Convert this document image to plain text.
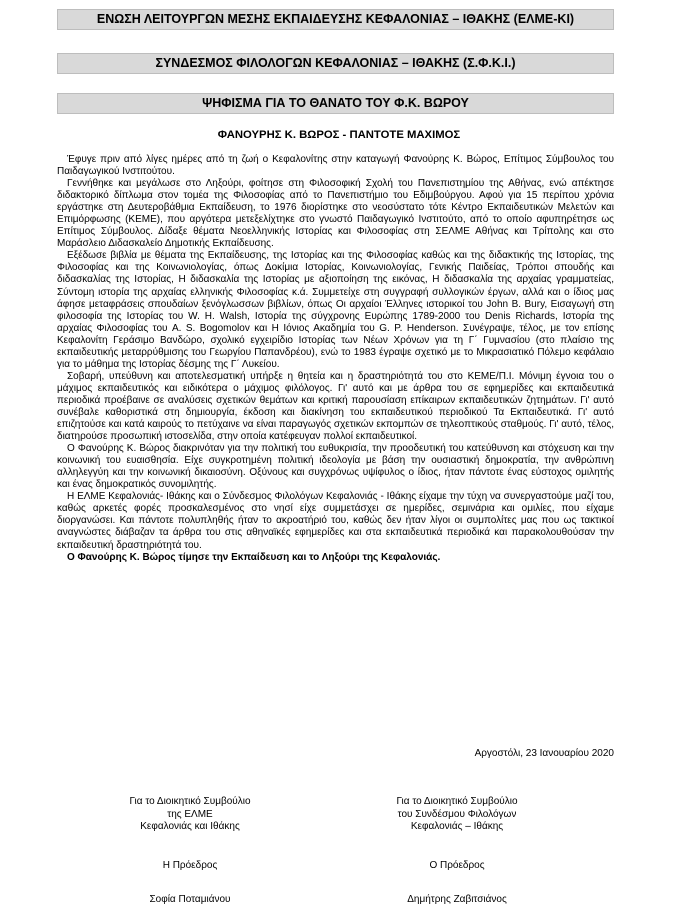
ΕΝΩΣΗ ΛΕΙΤΟΥΡΓΩΝ ΜΕΣΗΣ ΕΚΠΑΙΔΕΥΣΗΣ ΚΕΦΑΛΟΝΙΑΣ – ΙΘΑΚΗΣ (ΕΛΜΕ-ΚΙ)
ΣΥΝΔΕΣΜΟΣ ΦΙΛΟΛΟΓΩΝ ΚΕΦΑΛΟΝΙΑΣ – ΙΘΑΚΗΣ (Σ.Φ.Κ.Ι.)
ΨΗΦΙΣΜΑ ΓΙΑ ΤΟ ΘΑΝΑΤΟ ΤΟΥ Φ.Κ. ΒΩΡΟΥ
ΦΑΝΟΥΡΗΣ Κ. ΒΩΡΟΣ - ΠΑΝΤΟΤΕ ΜΑΧΙΜΟΣ

Έφυγε πριν από λίγες ημέρες από τη ζωή ο Κεφαλονίτης στην καταγωγή Φανούρης Κ. Βώρος, Επίτιμος Σύμβουλος του Παιδαγωγικού Ινστιτούτου.

Γεννήθηκε και μεγάλωσε στο Ληξούρι, φοίτησε στη Φιλοσοφική Σχολή του Πανεπιστημίου της Αθήνας, ενώ απέκτησε διδακτορικό δίπλωμα στον τομέα της Φιλοσοφίας από το Πανεπιστήμιο του Εδιμβούργου. Αφού για 15 περίπου χρόνια εργάστηκε στη Δευτεροβάθμια Εκπαίδευση, το 1976 διορίστηκε στο νεοσύστατο τότε Κέντρο Εκπαιδευτικών Μελετών και Επιμόρφωσης (ΚΕΜΕ), που αργότερα μετεξελίχτηκε στο γνωστό Παιδαγωγικό Ινστιτούτο, από το οποίο αφυπηρέτησε ως Επίτιμος Σύμβουλος. Δίδαξε θέματα Νεοελληνικής Ιστορίας και Φιλοσοφίας στη ΣΕΛΜΕ Αθήνας και Τρίπολης και στο Μαράσλειο Διδασκαλείο Δημοτικής Εκπαίδευσης.

Εξέδωσε βιβλία με θέματα της Εκπαίδευσης, της Ιστορίας και της Φιλοσοφίας καθώς και της διδακτικής της Ιστορίας, της Φιλοσοφίας και της Κοινωνιολογίας, όπως Δοκίμια Ιστορίας, Κοινωνιολογίας, Γενικής Παιδείας, Τρόποι σπουδής και διδασκαλίας της Ιστορίας, Η διδασκαλία της Ιστορίας με αξιοποίηση της εικόνας, Η διδασκαλία της αρχαίας γραμματείας, Σύντομη ιστορία της αρχαίας ελληνικής Φιλοσοφίας κ.ά. Συμμετείχε στη συγγραφή συλλογικών έργων, αλλά και ο ίδιος μας άφησε μεταφράσεις σπουδαίων ξενόγλωσσων βιβλίων, όπως Οι αρχαίοι Έλληνες ιστορικοί του John B. Bury, Εισαγωγή στη φιλοσοφία της Ιστορίας του W. H. Walsh, Ιστορία της σύγχρονης Ευρώπης 1789-2000 του Denis Richards, Ιστορία της αρχαίας Φιλοσοφίας του A. S. Bogomolov και Η Ιόνιος Ακαδημία του G. P. Henderson. Συνέγραψε, τέλος, με τον επίσης Κεφαλονίτη Γεράσιμο Βανδώρο, σχολικό εγχειρίδιο Ιστορίας των Νέων Χρόνων για τη Γ΄ Γυμνασίου (στο πλαίσιο της εκπαιδευτικής μεταρρύθμισης του Γεωργίου Παπανδρέου), ενώ το 1983 έγραψε σχετικό με το Μικρασιατικό Πόλεμο κεφάλαιο για το μάθημα της Ιστορίας δέσμης της Γ΄ Λυκείου.

Σοβαρή, υπεύθυνη και αποτελεσματική υπήρξε η θητεία και η δραστηριότητά του στο ΚΕΜΕ/Π.Ι. Μόνιμη έγνοια του ο μάχιμος εκπαιδευτικός και ειδικότερα ο μάχιμος φιλόλογος. Γι' αυτό και με άρθρα του σε εφημερίδες και εκπαιδευτικά περιοδικά προέβαινε σε αναλύσεις σχετικών θεμάτων και κριτική παρουσίαση επίκαιρων εκπαιδευτικών ζητημάτων. Γι' αυτό συνέβαλε καθοριστικά στη δημιουργία, έκδοση και διακίνηση του εκπαιδευτικού περιοδικού Τα Εκπαιδευτικά. Γι' αυτό επιζητούσε και κατά καιρούς το πετύχαινε να είναι παραγωγός σχετικών εκπομπών σε τηλεοπτικούς σταθμούς. Γι' αυτό, τέλος, διατηρούσε προσωπική ιστοσελίδα, στην οποία κατέφευγαν πολλοί εκπαιδευτικοί.

Ο Φανούρης Κ. Βώρος διακρινόταν για την πολιτική του ευθυκρισία, την προοδευτική του κατεύθυνση και στόχευση και την κοινωνική του ευαισθησία. Είχε συγκροτημένη πολιτική ιδεολογία με βάση την ουσιαστική δημοκρατία, την ανθρώπινη αλληλεγγύη και την κοινωνική δικαιοσύνη. Οξύνους και συγχρόνως υψίφυλος ο ίδιος, ήταν πάντοτε ένας εύστοχος ομιλητής και ένας δημοκρατικός συνομιλητής.

Η ΕΛΜΕ Κεφαλονιάς- Ιθάκης και ο Σύνδεσμος Φιλολόγων Κεφαλονιάς - Ιθάκης είχαμε την τύχη να συνεργαστούμε μαζί του, καθώς αρκετές φορές προσκαλεσμένος στο νησί είχε συμμετάσχει σε ημερίδες, σεμινάρια και ομιλίες, που είχαμε διοργανώσει. Και πάντοτε πολυπληθής ήταν το ακροατήριό του, καθώς δεν ήταν λίγοι οι συμπολίτες μας που ως τακτικοί αναγνώστες διάβαζαν τα άρθρα του στις αθηναϊκές εφημερίδες και στα εκπαιδευτικά περιοδικά και παρακολουθούσαν την εκπαιδευτική δραστηριότητά του.

Ο Φανούρης Κ. Βώρος τίμησε την Εκπαίδευση και το Ληξούρι της Κεφαλονιάς.

Αργοστόλι, 23 Ιανουαρίου 2020
Για το Διοικητικό Συμβούλιο
της ΕΛΜΕ
Κεφαλονιάς και Ιθάκης
Η Πρόεδρος
Σοφία Ποταμιάνου
Για το Διοικητικό Συμβούλιο
του Συνδέσμου Φιλολόγων
Κεφαλονιάς – Ιθάκης
Ο Πρόεδρος
Δημήτρης Ζαβιτσιάνος
